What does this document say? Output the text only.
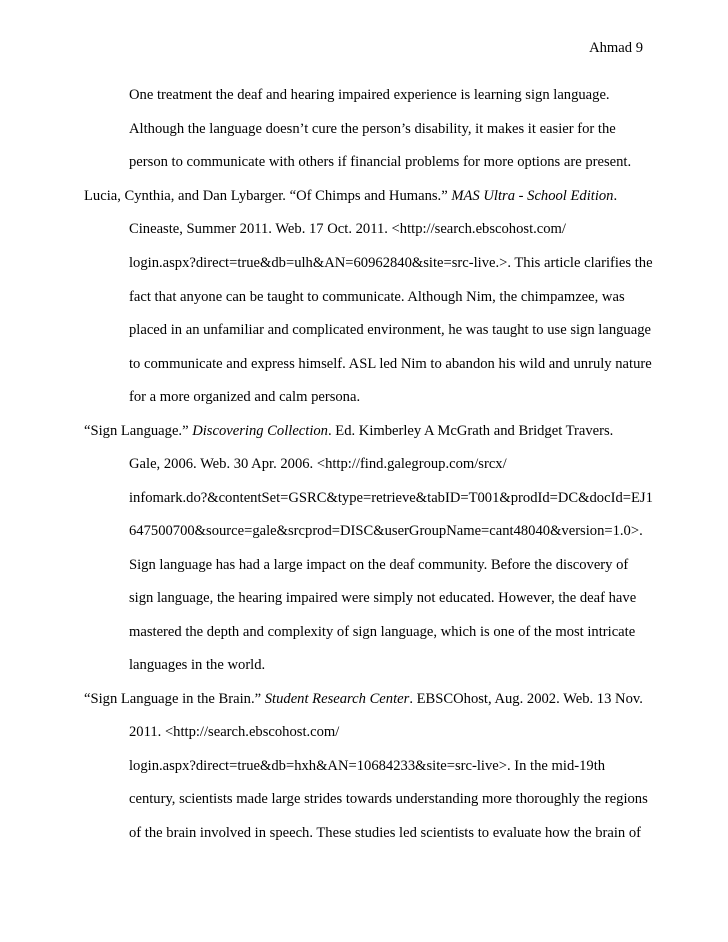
Ahmad 9
One treatment the deaf and hearing impaired experience is learning sign language.
Although the language doesn’t cure the person’s disability, it makes it easier for the
person to communicate with others if financial problems for more options are present.
Lucia, Cynthia, and Dan Lybarger. “Of Chimps and Humans.” MAS Ultra - School Edition.
Cineaste, Summer 2011. Web. 17 Oct. 2011. <http://search.ebscohost.com/
login.aspx?direct=true&db=ulh&AN=60962840&site=src-live.>. This article clarifies the
fact that anyone can be taught to communicate. Although Nim, the chimpamzee, was
placed in an unfamiliar and complicated environment, he was taught to use sign language
to communicate and express himself. ASL led Nim to abandon his wild and unruly nature
for a more organized and calm persona.
“Sign Language.” Discovering Collection. Ed. Kimberley A McGrath and Bridget Travers.
Gale, 2006. Web. 30 Apr. 2006. <http://find.galegroup.com/srcx/
infomark.do?&contentSet=GSRC&type=retrieve&tabID=T001&prodId=DC&docId=EJ1
647500700&source=gale&srcprod=DISC&userGroupName=cant48040&version=1.0>.
Sign language has had a large impact on the deaf community. Before the discovery of
sign language, the hearing impaired were simply not educated. However, the deaf have
mastered the depth and complexity of sign language, which is one of the most intricate
languages in the world.
“Sign Language in the Brain.” Student Research Center. EBSCOhost, Aug. 2002. Web. 13 Nov.
2011. <http://search.ebscohost.com/
login.aspx?direct=true&db=hxh&AN=10684233&site=src-live>. In the mid-19th
century, scientists made large strides towards understanding more thoroughly the regions
of the brain involved in speech. These studies led scientists to evaluate how the brain of
